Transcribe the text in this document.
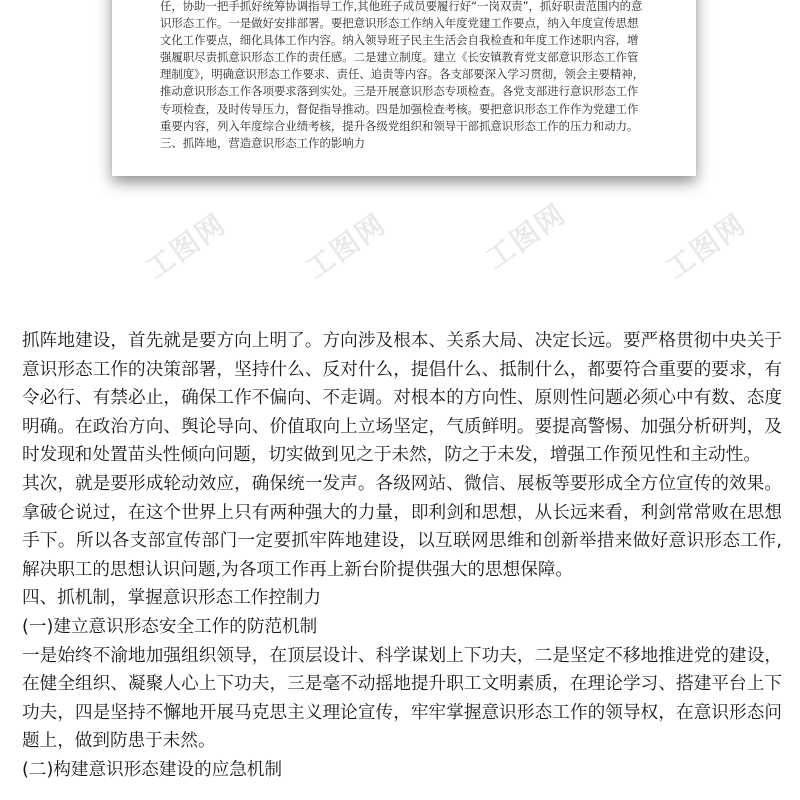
任，协助一把手抓好统筹协调指导工作,其他班子成员要履行好“一岗双责”，抓好职责范围内的意识形态工作。一是做好安排部署。要把意识形态工作纳入年度党建工作要点，纳入年度宣传思想文化工作要点，细化具体工作内容。纳入领导班子民主生活会自我检查和年度工作述职内容，增强履职尽责抓意识形态工作的责任感。二是建立制度。建立《长安镇教育党支部意识形态工作管理制度》，明确意识形态工作要求、责任、追责等内容。各支部要深入学习贯彻，领会主要精神，推动意识形态工作各项要求落到实处。三是开展意识形态专项检查。各党支部进行意识形态工作专项检查，及时传导压力，督促指导推动。四是加强检查考核。要把意识形态工作作为党建工作重要内容，列入年度综合业绩考核，提升各级党组织和领导干部抓意识形态工作的压力和动力。

三、抓阵地，营造意识形态工作的影响力

工图网	工图网	工图网
工图网

抓阵地建设，首先就是要方向上明了。方向涉及根本、关系大局、决定长远。要严格贯彻中央关于意识形态工作的决策部署，坚持什么、反对什么，提倡什么、抵制什么，都要符合重要的要求，有令必行、有禁必止，确保工作不偏向、不走调。对根本的方向性、原则性问题必须心中有数、态度明确。在政治方向、舆论导向、价值取向上立场坚定，气质鲜明。要提高警惕、加强分析研判，及时发现和处置苗头性倾向问题，切实做到见之于未然，防之于未发，增强工作预见性和主动性。

其次，就是要形成轮动效应，确保统一发声。各级网站、微信、展板等要形成全方位宣传的效果。拿破仑说过，在这个世界上只有两种强大的力量，即利剑和思想，从长远来看，利剑常常败在思想手下。所以各支部宣传部门一定要抓牢阵地建设，以互联网思维和创新举措来做好意识形态工作,解决职工的思想认识问题,为各项工作再上新台阶提供强大的思想保障。

四、抓机制，掌握意识形态工作控制力

(一)建立意识形态安全工作的防范机制

一是始终不渝地加强组织领导，在顶层设计、科学谋划上下功夫，二是坚定不移地推进党的建设，在健全组织、凝聚人心上下功夫，三是毫不动摇地提升职工文明素质，在理论学习、搭建平台上下功夫，四是坚持不懈地开展马克思主义理论宣传，牢牢掌握意识形态工作的领导权，在意识形态问题上，做到防患于未然。

(二)构建意识形态建设的应急机制
